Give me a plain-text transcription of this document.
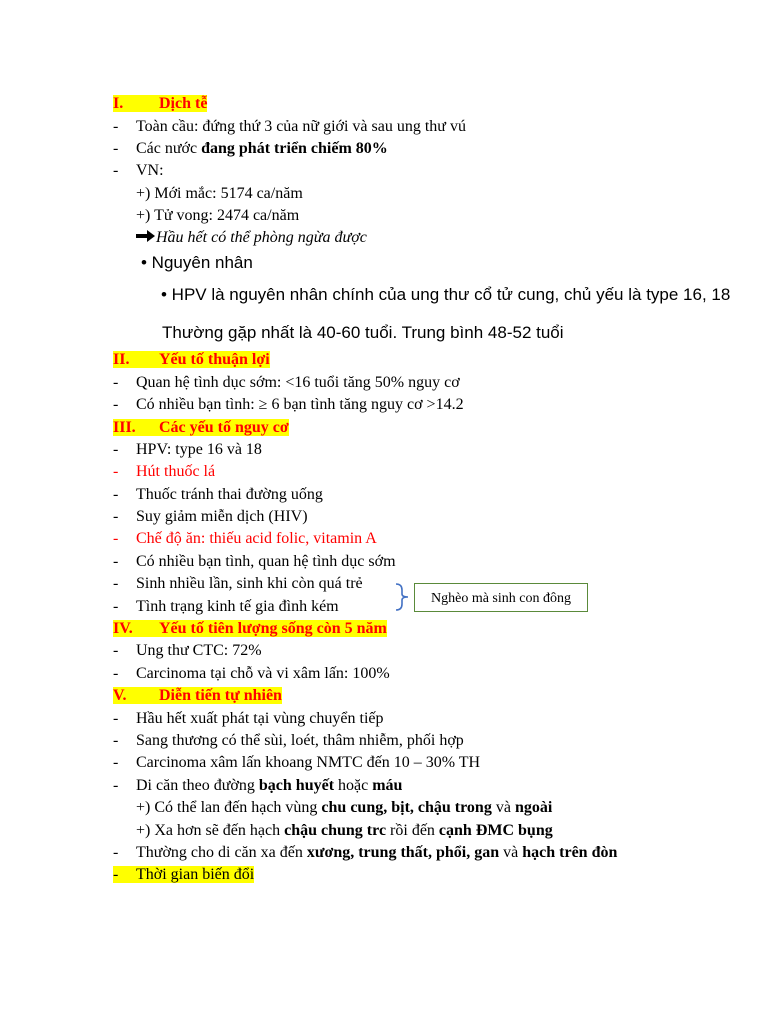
I. Dịch tễ
- Toàn cầu: đứng thứ 3 của nữ giới và sau ung thư vú
- Các nước đang phát triển chiếm 80%
- VN:
+) Mới mắc: 5174 ca/năm
+) Tử vong: 2474 ca/năm
Hầu hết có thể phòng ngừa được
• Nguyên nhân
• HPV là nguyên nhân chính của ung thư cổ tử cung, chủ yếu là type 16, 18
Thường gặp nhất là 40-60 tuổi. Trung bình 48-52 tuổi
II. Yếu tố thuận lợi
- Quan hệ tình dục sớm: <16 tuổi tăng 50% nguy cơ
- Có nhiều bạn tình: ≥ 6 bạn tình tăng nguy cơ >14.2
III. Các yếu tố nguy cơ
- HPV: type 16 và 18
- Hút thuốc lá
- Thuốc tránh thai đường uống
- Suy giảm miễn dịch (HIV)
- Chế độ ăn: thiếu acid folic, vitamin A
- Có nhiều bạn tình, quan hệ tình dục sớm
- Sinh nhiều lần, sinh khi còn quá trẻ
- Tình trạng kinh tế gia đình kém	Nghèo mà sinh con đông
IV. Yếu tố tiên lượng sống còn 5 năm
- Ung thư CTC: 72%
- Carcinoma tại chỗ và vi xâm lấn: 100%
V. Diễn tiến tự nhiên
- Hầu hết xuất phát tại vùng chuyển tiếp
- Sang thương có thể sùi, loét, thâm nhiễm, phối hợp
- Carcinoma xâm lấn khoang NMTC đến 10 – 30% TH
- Di căn theo đường bạch huyết hoặc máu
+) Có thể lan đến hạch vùng chu cung, bịt, chậu trong và ngoài
+) Xa hơn sẽ đến hạch chậu chung trc rồi đến cạnh ĐMC bụng
- Thường cho di căn xa đến xương, trung thất, phổi, gan và hạch trên đòn
- Thời gian biến đổi
